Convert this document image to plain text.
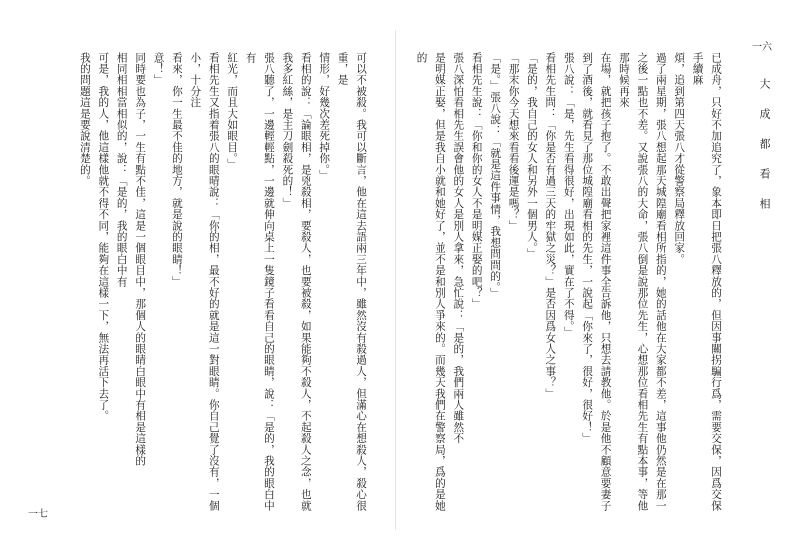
可以不被殺。我可以斷言，他在這去語兩三年中，雖然沒有殺過人，但滿心在想殺人，殺心很重，是

情形，好幾次差死掉你。」

看相的說：「論眼相，是兇殺相，要殺人，也要被殺，如果能夠不殺人，不起殺人之念，也就

我多紅絲，是主刀劍殺死的！」

張八聽了，一邊輕輕點，一邊就伸向桌上一隻鏡子看看自己的眼睛，說：「是的，我的眼白中有

紅光，而且大如眼目。」

看相先生又指着張八的眼晴說：「你的相，最不好的就是這一對眼睛。你自己覺了沒有，一個小，十分注

看來，你一生最不佳的地方，就是說的眼睛！」

意！」

同時要也為子，一生有點不佳，這是一個眼目中，那個人的眼睛白眼中有相是這樣的

相同相相當相似的，說：「是的，我的眼白中有

可是，我的人，他這樣他就不得不同，能夠在這樣一下，無法再活下去了。

我的問題這是要說清楚的。

一七

已成舟，只好不加追究了，象本即日把張八釋放的，但因事關拐騙行爲，需要交保，因爲交保手續麻

煩，追到第四天張八才從警察局釋放回家。

過了兩星期，張八想起那天城隍廟看相所指的，她的話他在大家都不差，這事他仍然是在那一

之後一點也不差。又說張八的大命，張八倒是說那位先生，心想那位看相先生有點本事，等他那時候再來

在場，就把孩子抱了。不敢出聲把家裡這件事全告訴他，只想去請教他。於是他不顧意要妻子

到了酒後，就看見了那位城隍廟看相的先生，一說起「你來了，很好，很好！」

張八說：「是，先生看得很好，出現如此，實在了不得。」

看相先生問：「你是否有過三天的牢獄之災？」是否因爲女人之事？」

「是的，我自己的女人和另外一個男人。」

「那末你今天想來看看後運是嗎？」

「是。」張八說：「就是這件事情，我想問問的。」

看相先生說：「你和你的女人不是明媒正娶的吧？」

張八深怕看相先生誤會他的女人是別人拿來，急忙說：「是的，我們兩人雖然不

是明媒正娶，但是我自小就和她好了，並不是和別人爭來的。而幾天我們在警察局，爲的是她的

大 成 都 看 相
一六
